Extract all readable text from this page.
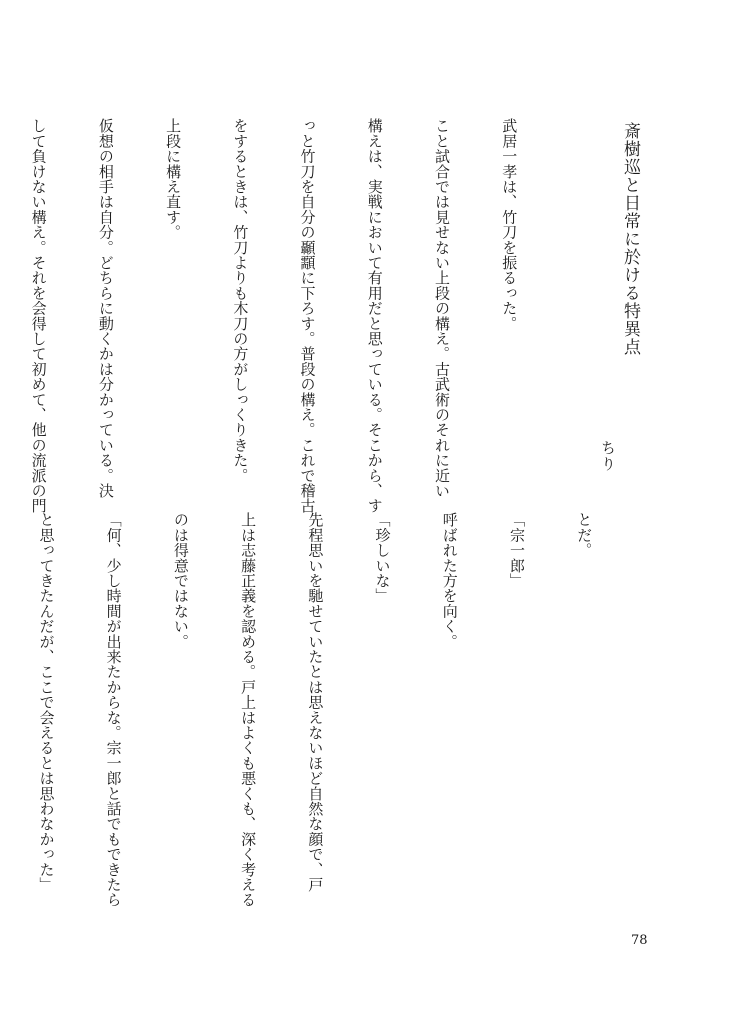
斎樹巡と日常に於ける特異点
ちり

武居一孝は、竹刀を振るった。

こと試合では見せない上段の構え。古武術のそれに近い

構えは、実戦において有用だと思っている。そこから、す

っと竹刀を自分の顳顬に下ろす。普段の構え。これで稽古

をするときは、竹刀よりも木刀の方がしっくりきた。

上段に構え直す。

仮想の相手は自分。どちらに動くかは分かっている。決

して負けない構え。それを会得して初めて、他の流派の門

とだ。

「宗一郎」

呼ばれた方を向く。

「珍しいな」

先程思いを馳せていたとは思えないほど自然な顔で、戸

上は志藤正義を認める。戸上はよくも悪くも、深く考える

のは得意ではない。

「何、少し時間が出来たからな。宗一郎と話でもできたら

と思ってきたんだが、ここで会えるとは思わなかった」

78
